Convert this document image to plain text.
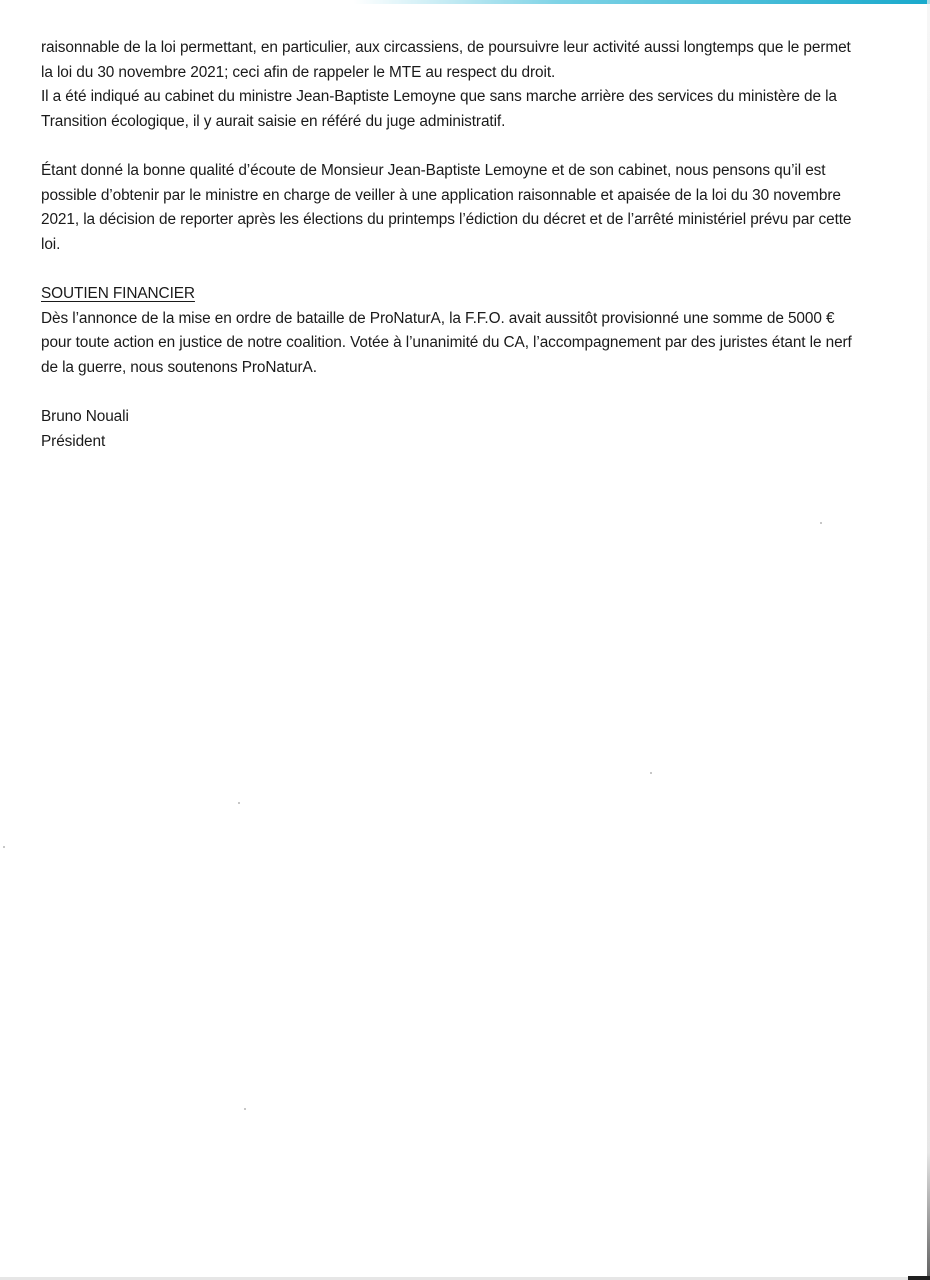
raisonnable de la loi permettant, en particulier, aux circassiens, de poursuivre leur activité aussi longtemps que le permet
la loi du 30 novembre 2021; ceci afin de rappeler le MTE au respect du droit.
Il a été indiqué au cabinet du ministre Jean-Baptiste Lemoyne que sans marche arrière des services du ministère de la
Transition écologique, il y aurait saisie en référé du juge administratif.
Étant donné la bonne qualité d’écoute de Monsieur Jean-Baptiste Lemoyne et de son cabinet, nous pensons qu’il est
possible d’obtenir par le ministre en charge de veiller à une application raisonnable et apaisée de la loi du 30 novembre
2021, la décision de reporter après les élections du printemps l’édiction du décret et de l’arrêté ministériel prévu par cette
loi.
SOUTIEN FINANCIER
Dès l’annonce de la mise en ordre de bataille de ProNaturA, la F.F.O. avait aussitôt provisionné une somme de 5000 €
pour toute action en justice de notre coalition. Votée à l’unanimité du CA, l’accompagnement par des juristes étant le nerf
de la guerre, nous soutenons ProNaturA.
Bruno Nouali
Président
